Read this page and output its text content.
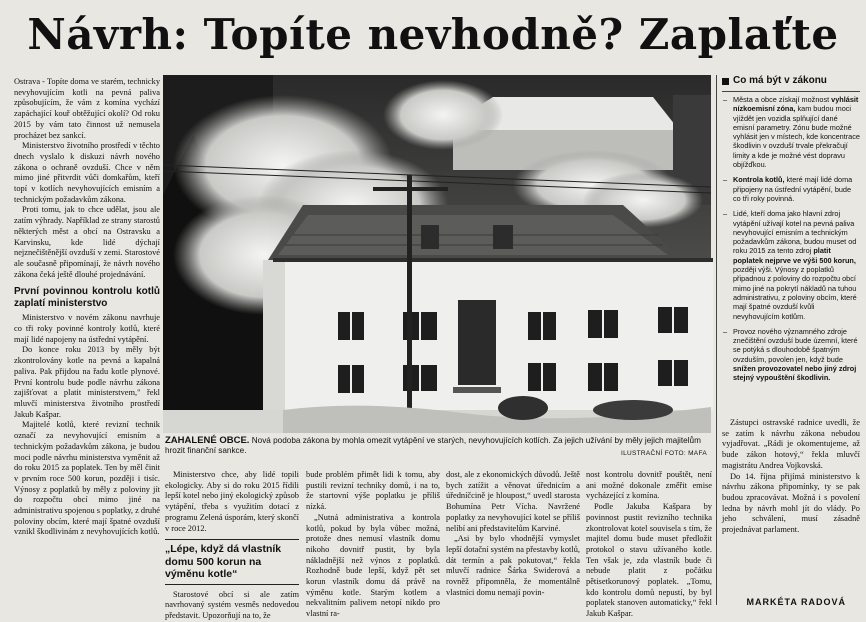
Návrh: Topíte nevhodně? Zaplaťte

Ostrava - Topíte doma ve starém, technicky nevyhovujícím kotli na pevná paliva způsobujícím, že vám z komína vychází zapáchající kouř obtěžující okolí? Od roku 2015 by vám tato činnost už nemusela procházet bez sankcí.

Ministerstvo životního prostředí v těchto dnech vyslalo k diskuzi návrh nového zákona o ochraně ovzduší. Chce v něm mimo jiné přitvrdit vůči domkařům, kteří topí v kotlích nevyhovujících emisním a technickým požadavkům zákona.

Proti tomu, jak to chce udělat, jsou ale zatím výhrady. Například ze strany starostů některých měst a obcí na Ostravsku a Karvinsku, kde lidé dýchají nejznečištěnější ovzduší v zemi. Starostové ale současně připomínají, že návrh nového zákona čeká ještě dlouhé projednávání.

První povinnou kontrolu kotlů zaplatí ministerstvo

Ministerstvo v novém zákonu navrhuje co tři roky povinné kontroly kotlů, které mají lidé napojeny na ústřední vytápění.

Do konce roku 2013 by měly být zkontrolovány kotle na pevná a kapalná paliva. Pak přijdou na řadu kotle plynové. První kontrolu bude podle návrhu zákona zajišťovat a platit ministerstvem," řekl mluvčí ministerstva životního prostředí Jakub Kašpar.

Majitelé kotlů, které revizní technik označí za nevyhovující emisním a technickým požadavkům zákona, je budou moci podle návrhu ministerstva vyměnit až do roku 2015 za poplatek. Ten by měl činit v prvním roce 500 korun, později i tisíc. Výnosy z poplatků by měly z poloviny jít do rozpočtu obcí mimo jiné na administrativu spojenou s poplatky, z druhé poloviny obcím, které mají špatné ovzduší vznikl škodlivinám z nevyhovujících kotlů.

ZAHALENÉ OBCE. Nová podoba zákona by mohla omezit vytápění ve starých, nevyhovujících kotlích. Za jejich užívání by měly jejich majitelům hrozit finanční sankce.	ILUSTRAČNÍ FOTO: MAFA

Ministerstvo chce, aby lidé topili ekologicky. Aby si do roku 2015 řídili lepší kotel nebo jiný ekologický způsob vytápění, třeba s využitím dotací z programu Zelená úsporám, který skončí v roce 2012.

„Lépe, když dá vlastník domu 500 korun na výměnu kotle“

Starostové obcí si ale zatím navrhovaný systém vesměs nedovedou představit. Upozorňují na to, že

bude problém přimět lidi k tomu, aby pustili revizní techniky domů, i na to, že startovní výše poplatku je příliš nízká.

„Nutná administrativa a kontrola kotlů, pokud by byla vůbec možná, protože dnes nemusí vlastník domu nikoho dovnitř pustit, by byla nákladnější než výnos z poplatků. Rozhodně bude lepší, když pět set korun vlastník domu dá právě na výměnu kotle. Starým kotlem a nekvalitním palivem netopí nikdo pro vlastní ra-

dost, ale z ekonomických důvodů. Ještě bych zatížit a věnovat úřednicím a úředníčcině je hloupost,“ uvedl starosta Bohumína Petr Vícha. Navržené poplatky za nevyhovující kotel se příliš nelíbí ani představitelům Karviné.

„Asi by bylo vhodnější vymyslet lepší dotační systém na přestavby kotlů, dát termín a pak pokutovat,“ řekla mluvčí radnice Šárka Swiderová a rovněž připomněla, že momentálně vlastníci domu nemají povin-

nost kontrolu dovnitř pouštět, není ani možné dokonale změřit emise vycházející z komína.

Podle Jakuba Kašpara by povinnost pustit revizního technika zkontrolovat kotel souvisela s tím, že majitel domu bude muset předložit protokol o stavu užívaného kotle. Ten však je, zda vlastník bude či nebude platit z počátku pětisetkorunový poplatek. „Tomu, kdo kontrolu domů nepustí, by byl poplatek stanoven automaticky,“ řekl Jakub Kašpar.

Co má být v zákonu
– Města a obce získají možnost vyhlásit nízkoemisní zóna, kam budou moci vjíždět jen vozidla splňující dané emisní parametry. Zónu bude možné vyhlásit jen v místech, kde koncentrace škodlivin v ovzduší trvale překračují limity a kde je možné vést dopravu objížďkou.
– Kontrola kotlů, které mají lidé doma připojeny na ústřední vytápění, bude co tři roky povinná.
– Lidé, kteří doma jako hlavní zdroj vytápění užívají kotel na pevná paliva nevyhovující emisním a technickým požadavkům zákona, budou muset od roku 2015 za tento zdroj platit poplatek nejprve ve výši 500 korun, později výši. Výnosy z poplatků připadnou z poloviny do rozpočtu obcí mimo jiné na pokrytí nákladů na tuhou administrativu, z poloviny obcím, které mají špatné ovzduší kvůli nevyhovujícím kotlům.
– Provoz nového významného zdroje znečištění ovzduší bude územní, které se potýká s dlouhodobě špatným ovzduším, povolen jen, když bude snížen provozovatel nebo jiný zdroj stejný vypouštění škodlivin.

Zástupci ostravské radnice uvedli, že se zatím k návrhu zákona nebudou vyjadřovat. „Rádi je okomentujeme, až bude zákon hotový,“ řekla mluvčí magistrátu Andrea Vojkovská.

Do 14. října přijímá ministerstvo k návrhu zákona připomínky, ty se pak budou zpracovávat. Možná i s povolení ledna by návrh mohl jít do vlády. Po jeho schválení, musí zásadně projednávat parlament.

MARKÉTA RADOVÁ
